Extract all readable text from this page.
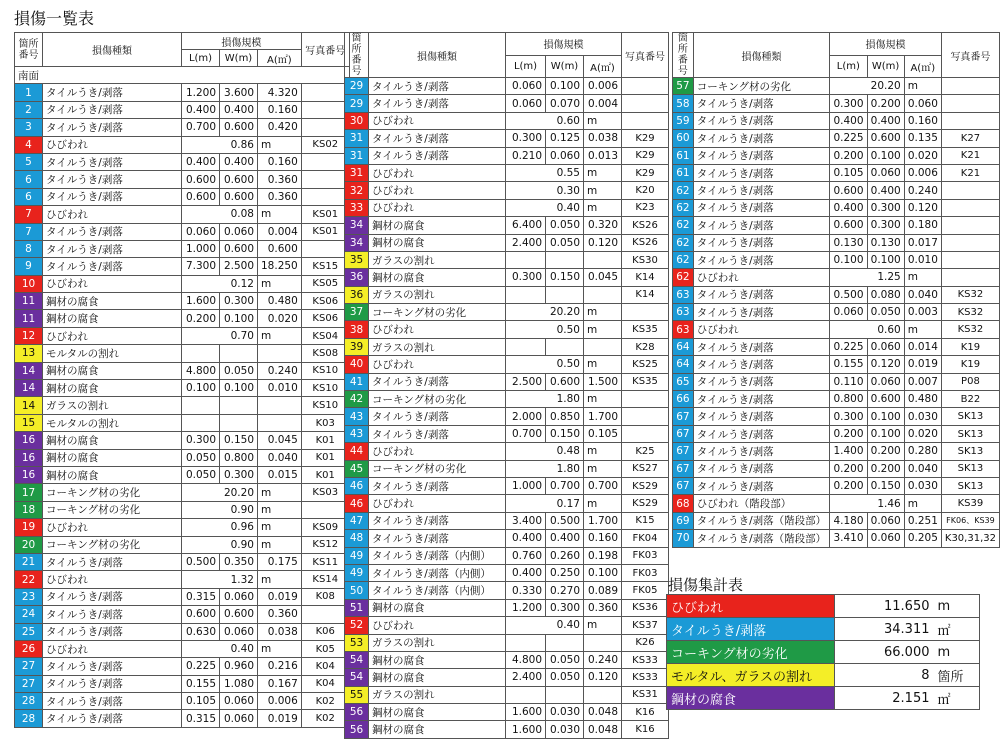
損傷一覧表
箇所番号	損傷種類	損傷規模			写真番号
		L(m)	W(m)	A(㎡)	
南面					
1	タイルうき/剥落	1.200	3.600	4.320	
2	タイルうき/剥落	0.400	0.400	0.160	
3	タイルうき/剥落	0.700	0.600	0.420	
4	ひびわれ	0.86		m	KS02
5	タイルうき/剥落	0.400	0.400	0.160	
6	タイルうき/剥落	0.600	0.600	0.360	
6	タイルうき/剥落	0.600	0.600	0.360	
7	ひびわれ	0.08		m	KS01
7	タイルうき/剥落	0.060	0.060	0.004	KS01
8	タイルうき/剥落	1.000	0.600	0.600	
9	タイルうき/剥落	7.300	2.500	18.250	KS15
10	ひびわれ	0.12		m	KS05
11	鋼材の腐食	1.600	0.300	0.480	KS06
11	鋼材の腐食	0.200	0.100	0.020	KS06
12	ひびわれ	0.70		m	KS04
13	モルタルの割れ				KS08
14	鋼材の腐食	4.800	0.050	0.240	KS10
14	鋼材の腐食	0.100	0.100	0.010	KS10
14	ガラスの割れ				KS10
15	モルタルの割れ				K03
16	鋼材の腐食	0.300	0.150	0.045	K01
16	鋼材の腐食	0.050	0.800	0.040	K01
16	鋼材の腐食	0.050	0.300	0.015	K01
17	コーキング材の劣化	20.20		m	KS03
18	コーキング材の劣化	0.90		m	
19	ひびわれ	0.96		m	KS09
20	コーキング材の劣化	0.90		m	KS12
21	タイルうき/剥落	0.500	0.350	0.175	KS11
22	ひびわれ	1.32		m	KS14
23	タイルうき/剥落	0.315	0.060	0.019	K08
24	タイルうき/剥落	0.600	0.600	0.360	
25	タイルうき/剥落	0.630	0.060	0.038	K06
26	ひびわれ	0.40		m	K05
27	タイルうき/剥落	0.225	0.960	0.216	K04
27	タイルうき/剥落	0.155	1.080	0.167	K04
28	タイルうき/剥落	0.105	0.060	0.006	K02
28	タイルうき/剥落	0.315	0.060	0.019	K02
箇所番号	損傷種類	損傷規模			写真番号
		L(m)	W(m)	A(㎡)	
29	タイルうき/剥落	0.060	0.100	0.006	
29	タイルうき/剥落	0.060	0.070	0.004	
30	ひびわれ	0.60		m	
31	タイルうき/剥落	0.300	0.125	0.038	K29
31	タイルうき/剥落	0.210	0.060	0.013	K29
31	ひびわれ	0.55		m	K29
32	ひびわれ	0.30		m	K20
33	ひびわれ	0.40		m	K23
34	鋼材の腐食	6.400	0.050	0.320	KS26
34	鋼材の腐食	2.400	0.050	0.120	KS26
35	ガラスの割れ				KS30
36	鋼材の腐食	0.300	0.150	0.045	K14
36	ガラスの割れ				K14
37	コーキング材の劣化	20.20		m	
38	ひびわれ	0.50		m	KS35
39	ガラスの割れ				K28
40	ひびわれ	0.50		m	KS25
41	タイルうき/剥落	2.500	0.600	1.500	KS35
42	コーキング材の劣化	1.80		m	
43	タイルうき/剥落	2.000	0.850	1.700	
43	タイルうき/剥落	0.700	0.150	0.105	
44	ひびわれ	0.48		m	K25
45	コーキング材の劣化	1.80		m	KS27
46	タイルうき/剥落	1.000	0.700	0.700	KS29
46	ひびわれ	0.17		m	KS29
47	タイルうき/剥落	3.400	0.500	1.700	K15
48	タイルうき/剥落	0.400	0.400	0.160	FK04
49	タイルうき/剥落（内側）	0.760	0.260	0.198	FK03
49	タイルうき/剥落（内側）	0.400	0.250	0.100	FK03
50	タイルうき/剥落（内側）	0.330	0.270	0.089	FK05
51	鋼材の腐食	1.200	0.300	0.360	KS36
52	ひびわれ	0.40		m	KS37
53	ガラスの割れ				K26
54	鋼材の腐食	4.800	0.050	0.240	KS33
54	鋼材の腐食	2.400	0.050	0.120	KS33
55	ガラスの割れ				KS31
56	鋼材の腐食	1.600	0.030	0.048	K16
56	鋼材の腐食	1.600	0.030	0.048	K16
箇所番号	損傷種類	損傷規模			写真番号
		L(m)	W(m)	A(㎡)	
57	コーキング材の劣化	20.20		m	
58	タイルうき/剥落	0.300	0.200	0.060	
59	タイルうき/剥落	0.400	0.400	0.160	
60	タイルうき/剥落	0.225	0.600	0.135	K27
61	タイルうき/剥落	0.200	0.100	0.020	K21
61	タイルうき/剥落	0.105	0.060	0.006	K21
62	タイルうき/剥落	0.600	0.400	0.240	
62	タイルうき/剥落	0.400	0.300	0.120	
62	タイルうき/剥落	0.600	0.300	0.180	
62	タイルうき/剥落	0.130	0.130	0.017	
62	タイルうき/剥落	0.100	0.100	0.010	
62	ひびわれ	1.25		m	
63	タイルうき/剥落	0.500	0.080	0.040	KS32
63	タイルうき/剥落	0.060	0.050	0.003	KS32
63	ひびわれ	0.60		m	KS32
64	タイルうき/剥落	0.225	0.060	0.014	K19
64	タイルうき/剥落	0.155	0.120	0.019	K19
65	タイルうき/剥落	0.110	0.060	0.007	P08
66	タイルうき/剥落	0.800	0.600	0.480	B22
67	タイルうき/剥落	0.300	0.100	0.030	SK13
67	タイルうき/剥落	0.200	0.100	0.020	SK13
67	タイルうき/剥落	1.400	0.200	0.280	SK13
67	タイルうき/剥落	0.200	0.200	0.040	SK13
67	タイルうき/剥落	0.200	0.150	0.030	SK13
68	ひびわれ（階段部）	1.46		m	KS39
69	タイルうき/剥落（階段部）	4.180	0.060	0.251	FK06、KS39
70	タイルうき/剥落（階段部）	3.410	0.060	0.205	K30,31,32
損傷集計表
ひびわれ	11.650	m
タイルうき/剥落	34.311	㎡
コーキング材の劣化	66.000	m
モルタル、ガラスの割れ	8	箇所
鋼材の腐食	2.151	㎡
